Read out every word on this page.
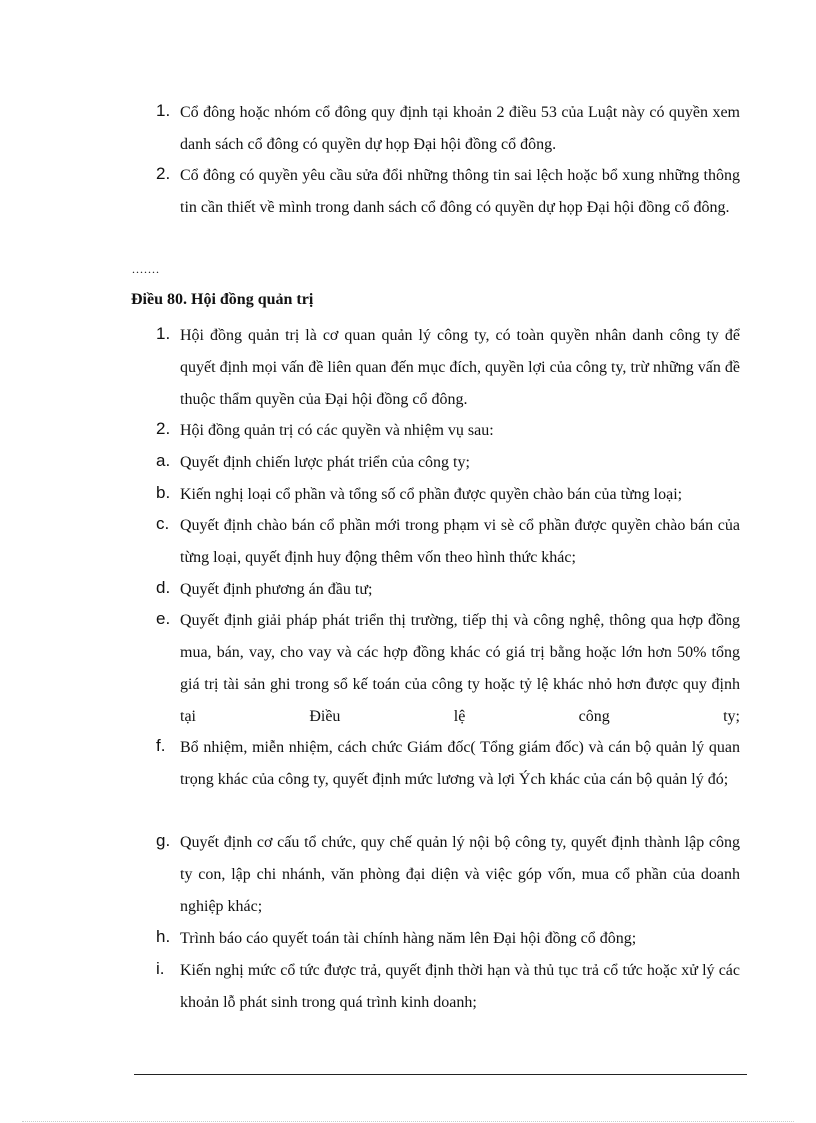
1. Cổ đông hoặc nhóm cổ đông quy định tại khoản 2 điều 53 của Luật này có quyền xem danh sách cổ đông có quyền dự họp Đại hội đồng cổ đông.
2. Cổ đông có quyền yêu cầu sửa đổi những thông tin sai lệch hoặc bổ xung những thông tin cần thiết về mình trong danh sách cổ đông có quyền dự họp Đại hội đồng cổ đông.
.......
Điều 80. Hội đồng quản trị
1. Hội đồng quản trị là cơ quan quản lý công ty, có toàn quyền nhân danh công ty để quyết định mọi vấn đề liên quan đến mục đích, quyền lợi của công ty, trừ những vấn đề thuộc thẩm quyền của Đại hội đồng cổ đông.
2. Hội đồng quản trị có các quyền và nhiệm vụ sau:
a. Quyết định chiến lược phát triển của công ty;
b. Kiến nghị loại cổ phần và tổng số cổ phần được quyền chào bán của từng loại;
c. Quyết định chào bán cổ phần mới trong phạm vi sè cổ phần được quyền chào bán của từng loại, quyết định huy động thêm vốn theo hình thức khác;
d. Quyết định phương án đầu tư;
e. Quyết định giải pháp phát triển thị trường, tiếp thị và công nghệ, thông qua hợp đồng mua, bán, vay, cho vay và các hợp đồng khác có giá trị bằng hoặc lớn hơn 50% tổng giá trị tài sản ghi trong sổ kế toán của công ty hoặc tỷ lệ khác nhỏ hơn được quy định tại Điều lệ công ty;
f. Bổ nhiệm, miễn nhiệm, cách chức Giám đốc( Tổng giám đốc) và cán bộ quản lý quan trọng khác của công ty, quyết định mức lương và lợi Ých khác của cán bộ quản lý đó;
g. Quyết định cơ cấu tổ chức, quy chế quản lý nội bộ công ty, quyết định thành lập công ty con, lập chi nhánh, văn phòng đại diện và việc góp vốn, mua cổ phần của doanh nghiệp khác;
h. Trình báo cáo quyết toán tài chính hàng năm lên Đại hội đồng cổ đông;
i. Kiến nghị mức cổ tức được trả, quyết định thời hạn và thủ tục trả cổ tức hoặc xử lý các khoản lỗ phát sinh trong quá trình kinh doanh;
